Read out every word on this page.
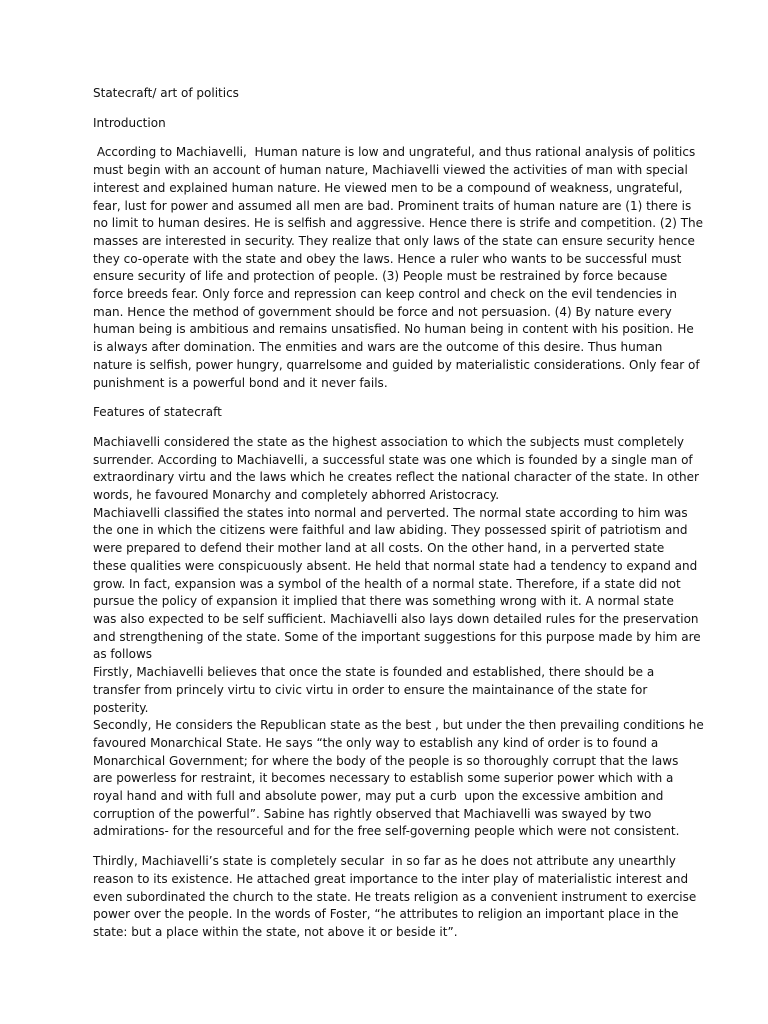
Statecraft/ art of politics

Introduction

According to Machiavelli,  Human nature is low and ungrateful, and thus rational analysis of politics

must begin with an account of human nature, Machiavelli viewed the activities of man with special

interest and explained human nature. He viewed men to be a compound of weakness, ungrateful,

fear, lust for power and assumed all men are bad. Prominent traits of human nature are (1) there is

no limit to human desires. He is selfish and aggressive. Hence there is strife and competition. (2) The

masses are interested in security. They realize that only laws of the state can ensure security hence

they co-operate with the state and obey the laws. Hence a ruler who wants to be successful must

ensure security of life and protection of people. (3) People must be restrained by force because

force breeds fear. Only force and repression can keep control and check on the evil tendencies in

man. Hence the method of government should be force and not persuasion. (4) By nature every

human being is ambitious and remains unsatisfied. No human being in content with his position. He

is always after domination. The enmities and wars are the outcome of this desire. Thus human

nature is selfish, power hungry, quarrelsome and guided by materialistic considerations. Only fear of

punishment is a powerful bond and it never fails.

Features of statecraft

Machiavelli considered the state as the highest association to which the subjects must completely

surrender. According to Machiavelli, a successful state was one which is founded by a single man of

extraordinary virtu and the laws which he creates reflect the national character of the state. In other

words, he favoured Monarchy and completely abhorred Aristocracy.

Machiavelli classified the states into normal and perverted. The normal state according to him was

the one in which the citizens were faithful and law abiding. They possessed spirit of patriotism and

were prepared to defend their mother land at all costs. On the other hand, in a perverted state

these qualities were conspicuously absent. He held that normal state had a tendency to expand and

grow. In fact, expansion was a symbol of the health of a normal state. Therefore, if a state did not

pursue the policy of expansion it implied that there was something wrong with it. A normal state

was also expected to be self sufficient. Machiavelli also lays down detailed rules for the preservation

and strengthening of the state. Some of the important suggestions for this purpose made by him are

as follows

Firstly, Machiavelli believes that once the state is founded and established, there should be a

transfer from princely virtu to civic virtu in order to ensure the maintainance of the state for

posterity.

Secondly, He considers the Republican state as the best , but under the then prevailing conditions he

favoured Monarchical State. He says “the only way to establish any kind of order is to found a

Monarchical Government; for where the body of the people is so thoroughly corrupt that the laws

are powerless for restraint, it becomes necessary to establish some superior power which with a

royal hand and with full and absolute power, may put a curb  upon the excessive ambition and

corruption of the powerful”. Sabine has rightly observed that Machiavelli was swayed by two

admirations- for the resourceful and for the free self-governing people which were not consistent.

Thirdly, Machiavelli’s state is completely secular  in so far as he does not attribute any unearthly

reason to its existence. He attached great importance to the inter play of materialistic interest and

even subordinated the church to the state. He treats religion as a convenient instrument to exercise

power over the people. In the words of Foster, “he attributes to religion an important place in the

state: but a place within the state, not above it or beside it”.
